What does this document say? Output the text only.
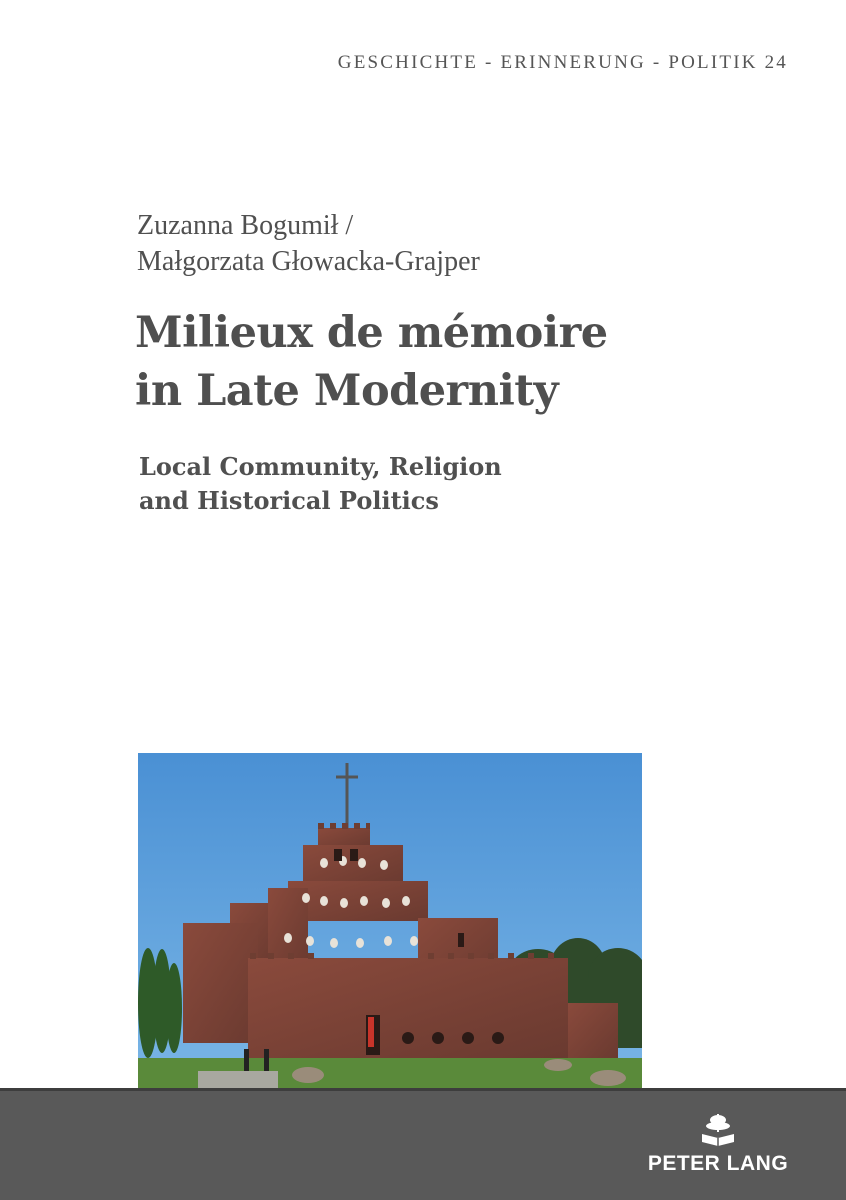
GESCHICHTE - ERINNERUNG - POLITIK 24
Zuzanna Bogumił /
Małgorzata Głowacka-Grajper
Milieux de mémoire
in Late Modernity
Local Community, Religion
and Historical Politics
PETER LANG
